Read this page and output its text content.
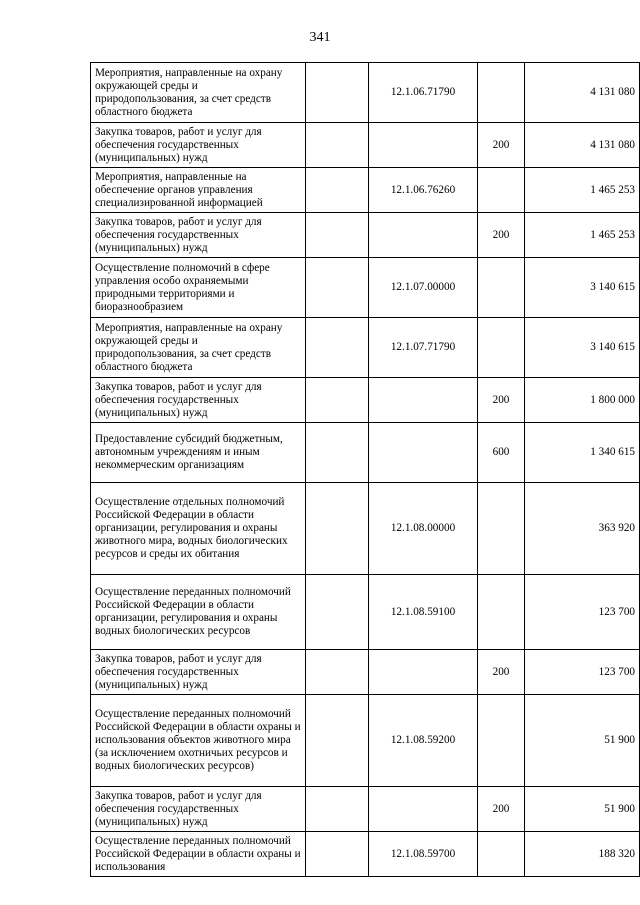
341
Мероприятия, направленные на охрану окружающей среды и природопользования, за счет средств областного бюджета		12.1.06.71790		4 131 080
Закупка товаров, работ и услуг для обеспечения государственных (муниципальных) нужд			200	4 131 080
Мероприятия, направленные на обеспечение органов управления специализированной информацией		12.1.06.76260		1 465 253
Закупка товаров, работ и услуг для обеспечения государственных (муниципальных) нужд			200	1 465 253
Осуществление полномочий в сфере управления особо охраняемыми природными территориями и биоразнообразием		12.1.07.00000		3 140 615
Мероприятия, направленные на охрану окружающей среды и природопользования, за счет средств областного бюджета		12.1.07.71790		3 140 615
Закупка товаров, работ и услуг для обеспечения государственных (муниципальных) нужд			200	1 800 000
Предоставление субсидий бюджетным, автономным учреждениям и иным некоммерческим организациям			600	1 340 615
Осуществление отдельных полномочий Российской Федерации в области организации, регулирования и охраны животного мира, водных биологических ресурсов и среды их обитания		12.1.08.00000		363 920
Осуществление переданных полномочий Российской Федерации в области организации, регулирования и охраны водных биологических ресурсов		12.1.08.59100		123 700
Закупка товаров, работ и услуг для обеспечения государственных (муниципальных) нужд			200	123 700
Осуществление переданных полномочий Российской Федерации в области охраны и использования объектов животного мира (за исключением охотничьих ресурсов и водных биологических ресурсов)		12.1.08.59200		51 900
Закупка товаров, работ и услуг для обеспечения государственных (муниципальных) нужд			200	51 900
Осуществление переданных полномочий Российской Федерации в области охраны и использования		12.1.08.59700		188 320
